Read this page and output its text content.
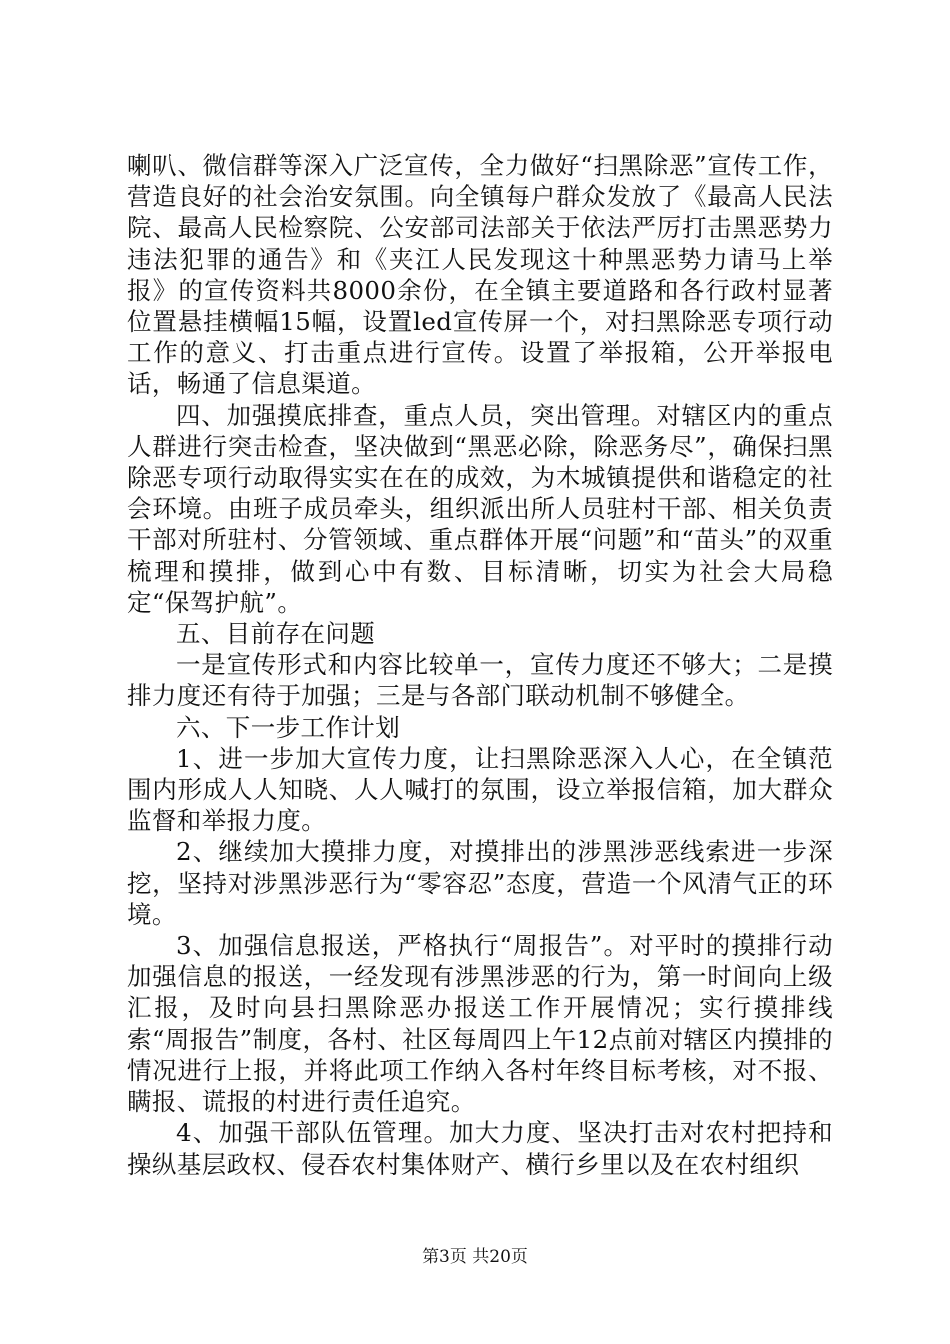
喇叭、微信群等深入广泛宣传，全力做好“扫黑除恶”宣传工作，营造良好的社会治安氛围。向全镇每户群众发放了《最高人民法院、最高人民检察院、公安部司法部关于依法严厉打击黑恶势力违法犯罪的通告》和《夹江人民发现这十种黑恶势力请马上举报》的宣传资料共8000余份，在全镇主要道路和各行政村显著位置悬挂横幅15幅，设置led宣传屏一个，对扫黑除恶专项行动工作的意义、打击重点进行宣传。设置了举报箱，公开举报电话，畅通了信息渠道。

四、加强摸底排查，重点人员，突出管理。对辖区内的重点人群进行突击检查，坚决做到“黑恶必除，除恶务尽”，确保扫黑除恶专项行动取得实实在在的成效，为木城镇提供和谐稳定的社会环境。由班子成员牵头，组织派出所人员驻村干部、相关负责干部对所驻村、分管领域、重点群体开展“问题”和“苗头”的双重梳理和摸排，做到心中有数、目标清晰，切实为社会大局稳定“保驾护航”。

五、目前存在问题

一是宣传形式和内容比较单一，宣传力度还不够大；二是摸排力度还有待于加强；三是与各部门联动机制不够健全。

六、下一步工作计划

1、进一步加大宣传力度，让扫黑除恶深入人心，在全镇范围内形成人人知晓、人人喊打的氛围，设立举报信箱，加大群众监督和举报力度。

2、继续加大摸排力度，对摸排出的涉黑涉恶线索进一步深挖，坚持对涉黑涉恶行为“零容忍”态度，营造一个风清气正的环境。

3、加强信息报送，严格执行“周报告”。对平时的摸排行动加强信息的报送，一经发现有涉黑涉恶的行为，第一时间向上级汇报，及时向县扫黑除恶办报送工作开展情况；实行摸排线索“周报告”制度，各村、社区每周四上午12点前对辖区内摸排的情况进行上报，并将此项工作纳入各村年终目标考核，对不报、瞒报、谎报的村进行责任追究。

4、加强干部队伍管理。加大力度、坚决打击对农村把持和操纵基层政权、侵吞农村集体财产、横行乡里以及在农村组织

第3页 共20页
